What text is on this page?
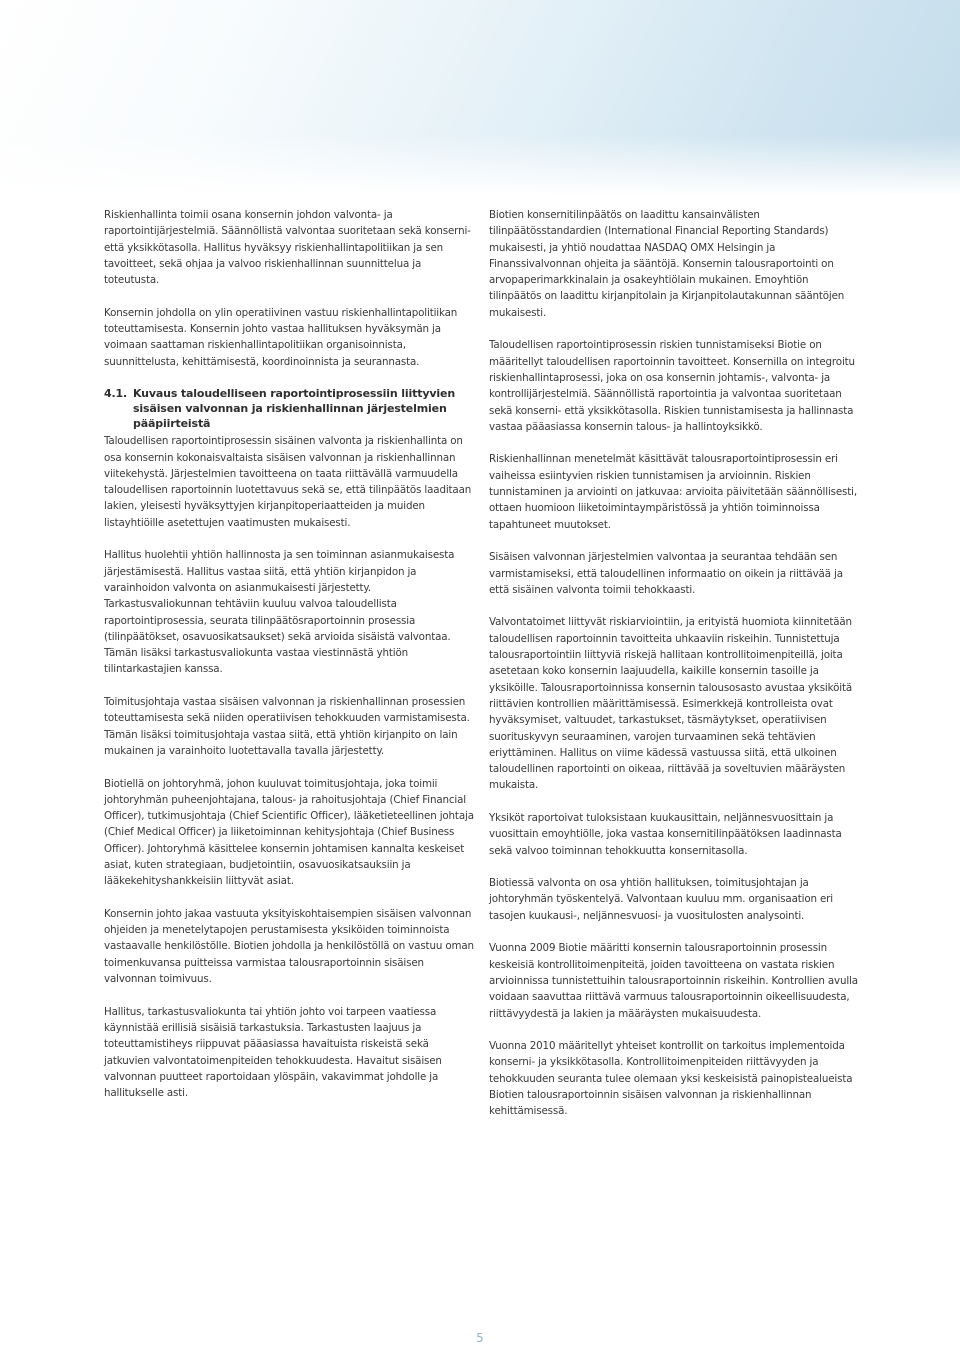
Riskienhallinta toimii osana konsernin johdon valvonta- ja raportointijärjestelmiä. Säännöllistä valvontaa suoritetaan sekä konserni- että yksikkötasolla. Hallitus hyväksyy riskienhallintapolitiikan ja sen tavoitteet, sekä ohjaa ja valvoo riskienhallinnan suunnittelua ja toteutusta.

Konsernin johdolla on ylin operatiivinen vastuu riskienhallintapolitiikan toteuttamisesta. Konsernin johto vastaa hallituksen hyväksymän ja voimaan saattaman riskienhallintapolitiikan organisoinnista, suunnittelusta, kehittämisestä, koordinoinnista ja seurannasta.

4.1. Kuvaus taloudelliseen raportointiprosessiin liittyvien sisäisen valvonnan ja riskienhallinnan järjestelmien pääpiirteistä

Taloudellisen raportointiprosessin sisäinen valvonta ja riskienhallinta on osa konsernin kokonaisvaltaista sisäisen valvonnan ja riskienhallinnan viitekehystä. Järjestelmien tavoitteena on taata riittävällä varmuudella taloudellisen raportoinnin luotettavuus sekä se, että tilinpäätös laaditaan lakien, yleisesti hyväksyttyjen kirjanpitoperiaatteiden ja muiden listayhtiöille asetettujen vaatimusten mukaisesti.

Hallitus huolehtii yhtiön hallinnosta ja sen toiminnan asianmukaisesta järjestämisestä. Hallitus vastaa siitä, että yhtiön kirjanpidon ja varainhoidon valvonta on asianmukaisesti järjestetty. Tarkastusvaliokunnan tehtäviin kuuluu valvoa taloudellista raportointiprosessia, seurata tilinpäätösraportoinnin prosessia (tilinpäätökset, osavuosikatsaukset) sekä arvioida sisäistä valvontaa. Tämän lisäksi tarkastusvaliokunta vastaa viestinnästä yhtiön tilintarkastajien kanssa.

Toimitusjohtaja vastaa sisäisen valvonnan ja riskienhallinnan prosessien toteuttamisesta sekä niiden operatiivisen tehokkuuden varmistamisesta. Tämän lisäksi toimitusjohtaja vastaa siitä, että yhtiön kirjanpito on lain mukainen ja varainhoito luotettavalla tavalla järjestetty.

Biotiellä on johtoryhmä, johon kuuluvat toimitusjohtaja, joka toimii johtoryhmän puheenjohtajana, talous- ja rahoitusjohtaja (Chief Financial Officer), tutkimusjohtaja (Chief Scientific Officer), lääketieteellinen johtaja (Chief Medical Officer) ja liiketoiminnan kehitysjohtaja (Chief Business Officer). Johtoryhmä käsittelee konsernin johtamisen kannalta keskeiset asiat, kuten strategiaan, budjetointiin, osavuosikatsauksiin ja lääkekehityshankkeisiin liittyvät asiat.

Konsernin johto jakaa vastuuta yksityiskohtaisempien sisäisen valvonnan ohjeiden ja menetelytapojen perustamisesta yksiköiden toiminnoista vastaavalle henkilöstölle. Biotien johdolla ja henkilöstöllä on vastuu oman toimenkuvansa puitteissa varmistaa talousraportoinnin sisäisen valvonnan toimivuus.

Hallitus, tarkastusvaliokunta tai yhtiön johto voi tarpeen vaatiessa käynnistää erillisiä sisäisiä tarkastuksia. Tarkastusten laajuus ja toteuttamistiheys riippuvat pääasiassa havaituista riskeistä sekä jatkuvien valvontatoimenpiteiden tehokkuudesta. Havaitut sisäisen valvonnan puutteet raportoidaan ylöspäin, vakavimmat johdolle ja hallitukselle asti.

Biotien konsernitilinpäätös on laadittu kansainvälisten tilinpäätösstandardien (International Financial Reporting Standards) mukaisesti, ja yhtiö noudattaa NASDAQ OMX Helsingin ja Finanssivalvonnan ohjeita ja sääntöjä. Konsernin talousraportointi on arvopaperimarkkinalain ja osakeyhtiölain mukainen. Emoyhtiön tilinpäätös on laadittu kirjanpitolain ja Kirjanpitolautakunnan sääntöjen mukaisesti.

Taloudellisen raportointiprosessin riskien tunnistamiseksi Biotie on määritellyt taloudellisen raportoinnin tavoitteet. Konsernilla on integroitu riskienhallintaprosessi, joka on osa konsernin johtamis-, valvonta- ja kontrollijärjestelmiä. Säännöllistä raportointia ja valvontaa suoritetaan sekä konserni- että yksikkötasolla. Riskien tunnistamisesta ja hallinnasta vastaa pääasiassa konsernin talous- ja hallintoyksikkö.

Riskienhallinnan menetelmät käsittävät talousraportointiprosessin eri vaiheissa esiintyvien riskien tunnistamisen ja arvioinnin. Riskien tunnistaminen ja arviointi on jatkuvaa: arvioita päivitetään säännöllisesti, ottaen huomioon liiketoimintaympäristössä ja yhtiön toiminnoissa tapahtuneet muutokset.

Sisäisen valvonnan järjestelmien valvontaa ja seurantaa tehdään sen varmistamiseksi, että taloudellinen informaatio on oikein ja riittävää ja että sisäinen valvonta toimii tehokkaasti.

Valvontatoimet liittyvät riskiarviointiin, ja erityistä huomiota kiinnitetään taloudellisen raportoinnin tavoitteita uhkaaviin riskeihin. Tunnistettuja talousraportointiin liittyviä riskejä hallitaan kontrollitoimenpiteillä, joita asetetaan koko konsernin laajuudella, kaikille konsernin tasoille ja yksiköille. Talousraportoinnissa konsernin talousosasto avustaa yksiköitä riittävien kontrollien määrittämisessä. Esimerkkejä kontrolleista ovat hyväksymiset, valtuudet, tarkastukset, täsmäytykset, operatiivisen suorituskyvyn seuraaminen, varojen turvaaminen sekä tehtävien eriyttäminen. Hallitus on viime kädessä vastuussa siitä, että ulkoinen taloudellinen raportointi on oikeaa, riittävää ja soveltuvien määräysten mukaista.

Yksiköt raportoivat tuloksistaan kuukausittain, neljännesvuosittain ja vuosittain emoyhtiölle, joka vastaa konsernitilinpäätöksen laadinnasta sekä valvoo toiminnan tehokkuutta konsernitasolla.

Biotiessä valvonta on osa yhtiön hallituksen, toimitusjohtajan ja johtoryhmän työskentelyä. Valvontaan kuuluu mm. organisaation eri tasojen kuukausi-, neljännesvuosi- ja vuositulosten analysointi.

Vuonna 2009 Biotie määritti konsernin talousraportoinnin prosessin keskeisiä kontrollitoimenpiteitä, joiden tavoitteena on vastata riskien arvioinnissa tunnistettuihin talousraportoinnin riskeihin. Kontrollien avulla voidaan saavuttaa riittävä varmuus talousraportoinnin oikeellisuudesta, riittävyydestä ja lakien ja määräysten mukaisuudesta.

Vuonna 2010 määritellyt yhteiset kontrollit on tarkoitus implementoida konserni- ja yksikkötasolla. Kontrollitoimenpiteiden riittävyyden ja tehokkuuden seuranta tulee olemaan yksi keskeisistä painopistealueista Biotien talousraportoinnin sisäisen valvonnan ja riskienhallinnan kehittämisessä.

5
